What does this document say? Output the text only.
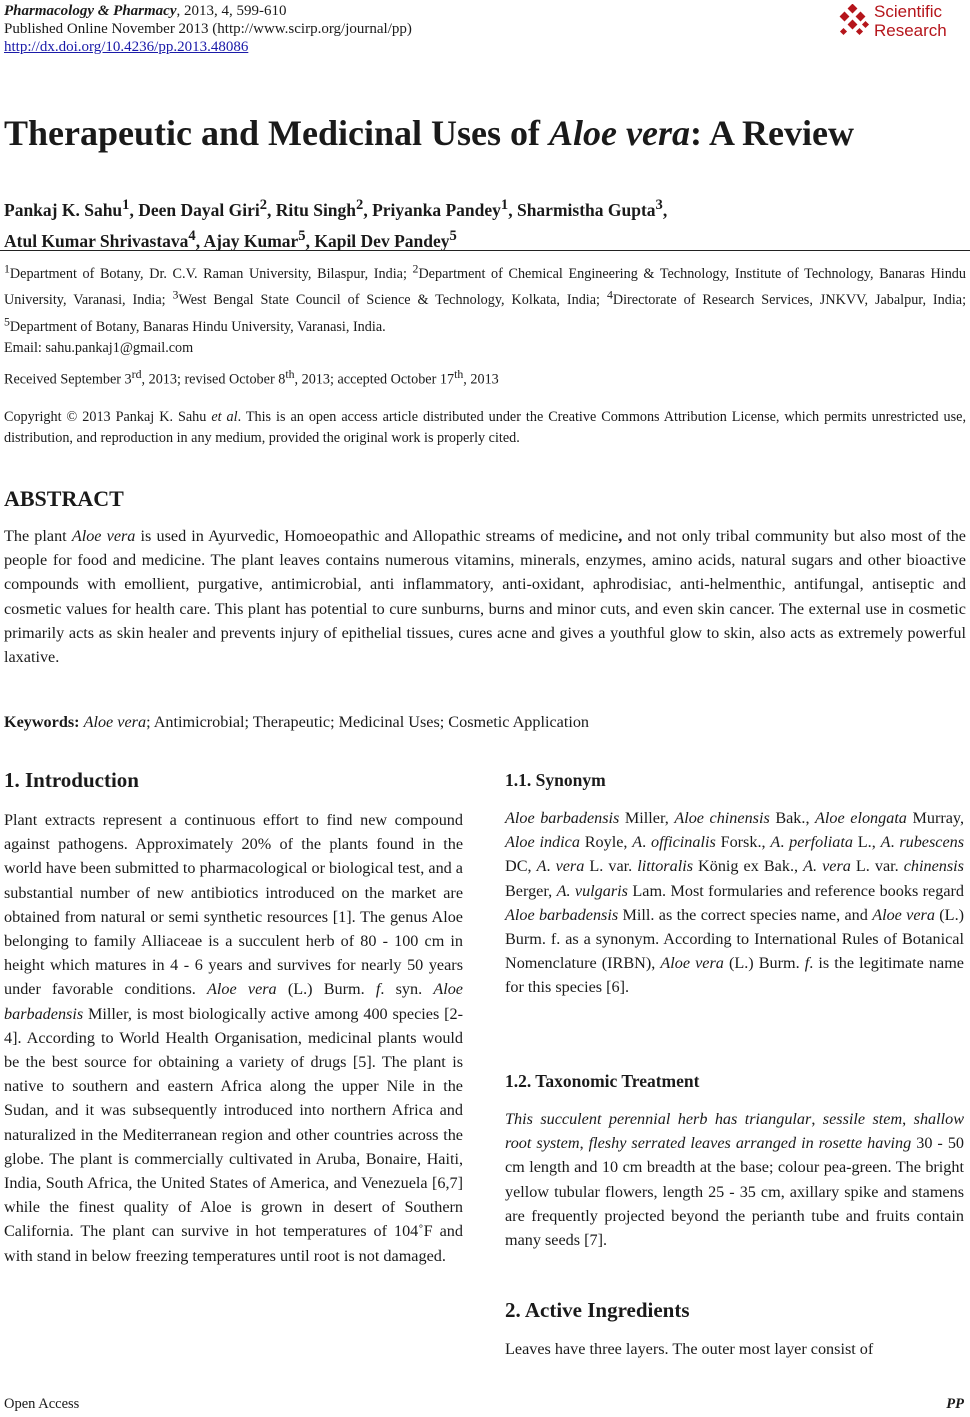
Pharmacology & Pharmacy, 2013, 4, 599-610
Published Online November 2013 (http://www.scirp.org/journal/pp)
http://dx.doi.org/10.4236/pp.2013.48086
Scientific
Research
Therapeutic and Medicinal Uses of Aloe vera: A Review
Pankaj K. Sahu$^1$, Deen Dayal Giri$^2$, Ritu Singh$^2$, Priyanka Pandey$^1$, Sharmistha Gupta$^3$,
Atul Kumar Shrivastava$^4$, Ajay Kumar$^5$, Kapil Dev Pandey$^5$
$^1$Department of Botany, Dr. C.V. Raman University, Bilaspur, India; $^2$Department of Chemical Engineering & Technology, Institute of Technology, Banaras Hindu University, Varanasi, India; $^3$West Bengal State Council of Science & Technology, Kolkata, India; $^4$Directorate of Research Services, JNKVV, Jabalpur, India; $^5$Department of Botany, Banaras Hindu University, Varanasi, India.
Email: sahu.pankaj1@gmail.com
Received September 3rd, 2013; revised October 8th, 2013; accepted October 17th, 2013
Copyright © 2013 Pankaj K. Sahu et al. This is an open access article distributed under the Creative Commons Attribution License, which permits unrestricted use, distribution, and reproduction in any medium, provided the original work is properly cited.
ABSTRACT
The plant Aloe vera is used in Ayurvedic, Homoeopathic and Allopathic streams of medicine, and not only tribal community but also most of the people for food and medicine. The plant leaves contains numerous vitamins, minerals, enzymes, amino acids, natural sugars and other bioactive compounds with emollient, purgative, antimicrobial, anti inflammatory, anti-oxidant, aphrodisiac, anti-helmenthic, antifungal, antiseptic and cosmetic values for health care. This plant has potential to cure sunburns, burns and minor cuts, and even skin cancer. The external use in cosmetic primarily acts as skin healer and prevents injury of epithelial tissues, cures acne and gives a youthful glow to skin, also acts as extremely powerful laxative.
Keywords: Aloe vera; Antimicrobial; Therapeutic; Medicinal Uses; Cosmetic Application
1. Introduction
Plant extracts represent a continuous effort to find new compound against pathogens. Approximately 20% of the plants found in the world have been submitted to pharmacological or biological test, and a substantial number of new antibiotics introduced on the market are obtained from natural or semi synthetic resources [1]. The genus Aloe belonging to family Alliaceae is a succulent herb of 80 - 100 cm in height which matures in 4 - 6 years and survives for nearly 50 years under favorable conditions. Aloe vera (L.) Burm. f. syn. Aloe barbadensis Miller, is most biologically active among 400 species [2-4]. According to World Health Organisation, medicinal plants would be the best source for obtaining a variety of drugs [5]. The plant is native to southern and eastern Africa along the upper Nile in the Sudan, and it was subsequently introduced into northern Africa and naturalized in the Mediterranean region and other countries across the globe. The plant is commercially cultivated in Aruba, Bonaire, Haiti, India, South Africa, the United States of America, and Venezuela [6,7] while the finest quality of Aloe is grown in desert of Southern California. The plant can survive in hot temperatures of 104˚F and with stand in below freezing temperatures until root is not damaged.
1.1. Synonym
Aloe barbadensis Miller, Aloe chinensis Bak., Aloe elongata Murray, Aloe indica Royle, A. officinalis Forsk., A. perfoliata L., A. rubescens DC, A. vera L. var. littoralis König ex Bak., A. vera L. var. chinensis Berger, A. vulgaris Lam. Most formularies and reference books regard Aloe barbadensis Mill. as the correct species name, and Aloe vera (L.) Burm. f. as a synonym. According to International Rules of Botanical Nomenclature (IRBN), Aloe vera (L.) Burm. f. is the legitimate name for this species [6].
1.2. Taxonomic Treatment
This succulent perennial herb has triangular, sessile stem, shallow root system, fleshy serrated leaves arranged in rosette having 30 - 50 cm length and 10 cm breadth at the base; colour pea-green. The bright yellow tubular flowers, length 25 - 35 cm, axillary spike and stamens are frequently projected beyond the perianth tube and fruits contain many seeds [7].
2. Active Ingredients
Leaves have three layers. The outer most layer consist of
Open Access	PP
